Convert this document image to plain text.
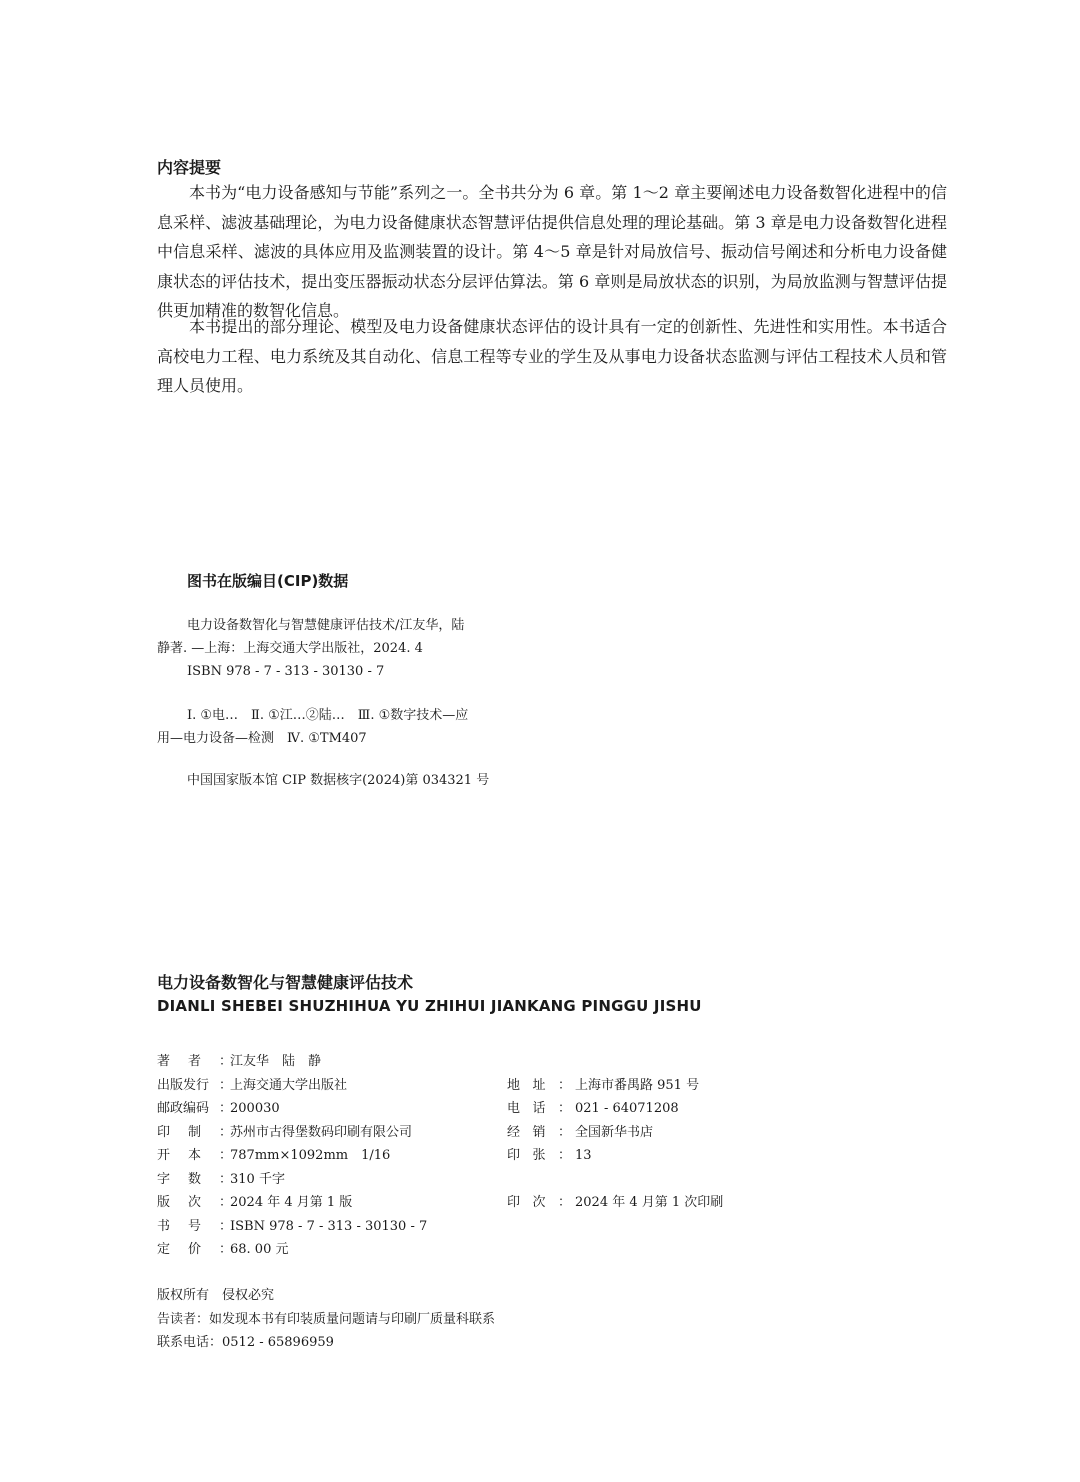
内容提要

本书为“电力设备感知与节能”系列之一。全书共分为 6 章。第 1～2 章主要阐述电力设备数智化进程中的信息采样、滤波基础理论，为电力设备健康状态智慧评估提供信息处理的理论基础。第 3 章是电力设备数智化进程中信息采样、滤波的具体应用及监测装置的设计。第 4～5 章是针对局放信号、振动信号阐述和分析电力设备健康状态的评估技术，提出变压器振动状态分层评估算法。第 6 章则是局放状态的识别，为局放监测与智慧评估提供更加精准的数智化信息。

本书提出的部分理论、模型及电力设备健康状态评估的设计具有一定的创新性、先进性和实用性。本书适合高校电力工程、电力系统及其自动化、信息工程等专业的学生及从事电力设备状态监测与评估工程技术人员和管理人员使用。

图书在版编目(CIP)数据
电力设备数智化与智慧健康评估技术/江友华，陆
静著. —上海：上海交通大学出版社，2024. 4
ISBN 978 - 7 - 313 - 30130 - 7
Ⅰ. ①电…　Ⅱ. ①江…②陆…　Ⅲ. ①数字技术—应
用—电力设备—检测　Ⅳ. ①TM407
中国国家版本馆 CIP 数据核字(2024)第 034321 号
电力设备数智化与智慧健康评估技术
DIANLI SHEBEI SHUZHIHUA YU ZHIHUI JIANKANG PINGGU JISHU
著 者 ：
江友华　陆　静
出版发行 ：
上海交通大学出版社	地 址 ： 上海市番禺路 951 号
邮政编码 ：
200030	电 话 ： 021 - 64071208
印 制 ：
苏州市古得堡数码印刷有限公司	经 销 ： 全国新华书店
开 本 ：
787mm×1092mm　1/16	印 张 ： 13
字 数 ：
310 千字
版 次 ：
2024 年 4 月第 1 版	印 次 ： 2024 年 4 月第 1 次印刷
书 号 ：
ISBN 978 - 7 - 313 - 30130 - 7
定 价 ：
68. 00 元
版权所有　侵权必究
告读者：如发现本书有印装质量问题请与印刷厂质量科联系
联系电话：0512 - 65896959
